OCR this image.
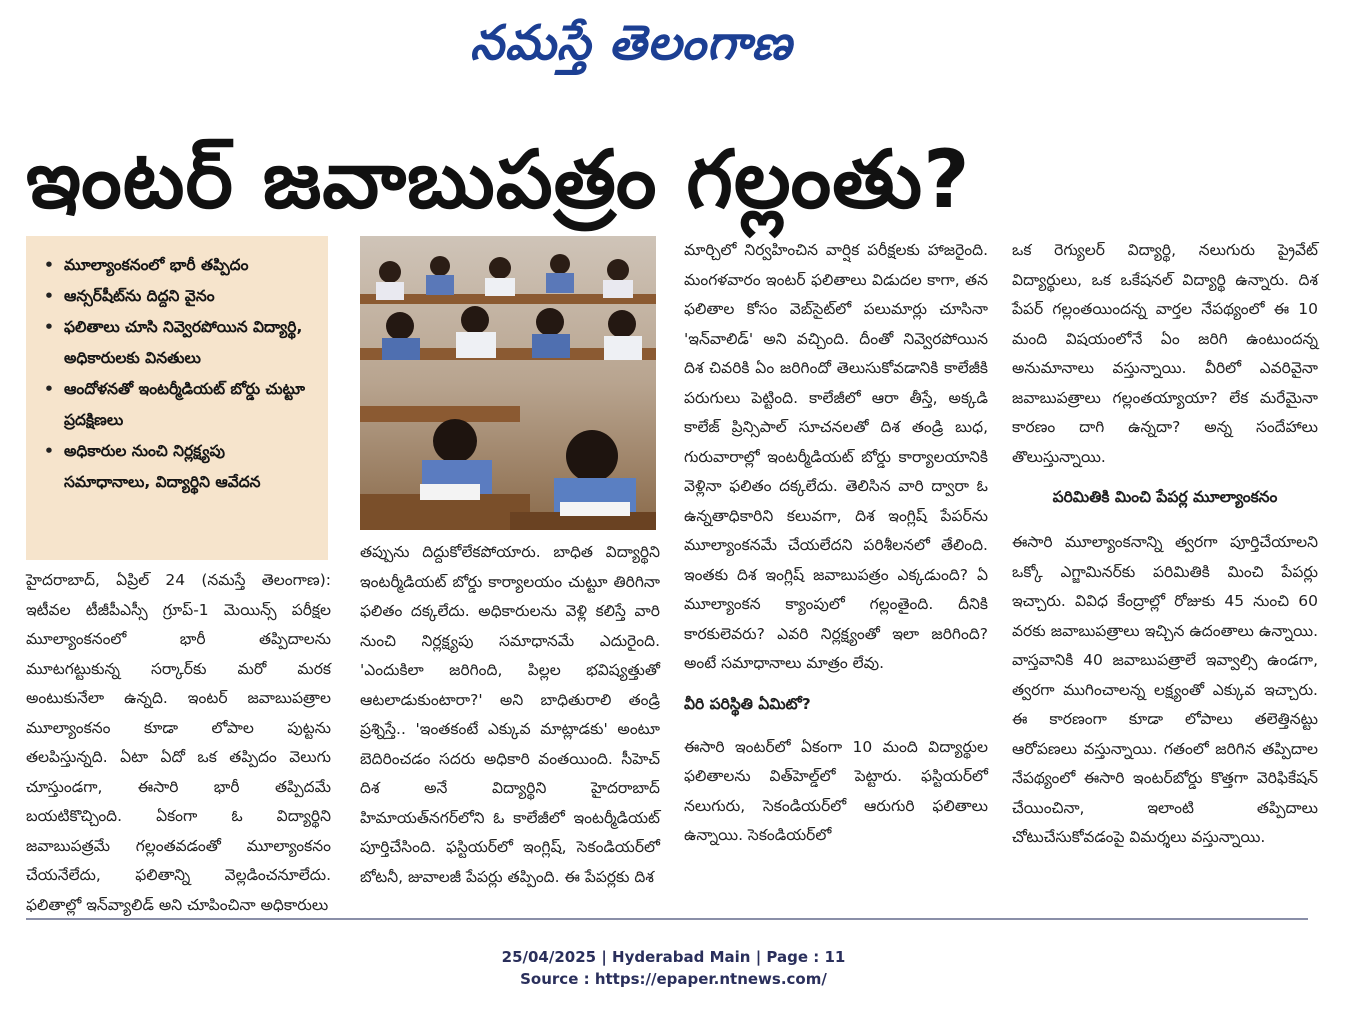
నమస్తే తెలంగాణ
ఇంటర్ జవాబుపత్రం గల్లంతు?
• మూల్యాంకనంలో భారీ తప్పిదం
• ఆన్సర్‌షీట్‌ను దిద్దని వైనం
• ఫలితాలు చూసి నివ్వెరపోయిన విద్యార్థి, అధికారులకు వినతులు
• ఆందోళనతో ఇంటర్మీడియట్ బోర్డు చుట్టూ ప్రదక్షిణలు
• అధికారుల నుంచి నిర్లక్ష్యపు సమాధానాలు, విద్యార్థిని ఆవేదన

హైదరాబాద్, ఏప్రిల్ 24 (నమస్తే తెలంగాణ): ఇటీవల టీజీపీఎస్సీ గ్రూప్-1 మెయిన్స్ పరీక్షల మూల్యాంకనంలో భారీ తప్పిదాలను మూటగట్టుకున్న సర్కార్‌కు మరో మరక అంటుకునేలా ఉన్నది. ఇంటర్ జవాబుపత్రాల మూల్యాంకనం కూడా లోపాల పుట్టను తలపిస్తున్నది. ఏటా ఏదో ఒక తప్పిదం వెలుగు చూస్తుండగా, ఈసారి భారీ తప్పిదమే బయటికొచ్చింది. ఏకంగా ఓ విద్యార్థిని జవాబుపత్రమే గల్లంతవడంతో మూల్యాంకనం చేయనేలేదు, ఫలితాన్ని వెల్లడించనూలేదు. ఫలితాల్లో ఇన్‌వ్యాలిడ్ అని చూపించినా అధికారులు

తప్పును దిద్దుకోలేకపోయారు. బాధిత విద్యార్థిని ఇంటర్మీడియట్ బోర్డు కార్యాలయం చుట్టూ తిరిగినా ఫలితం దక్కలేదు. అధికారులను వెళ్లి కలిస్తే వారి నుంచి నిర్లక్ష్యపు సమాధానమే ఎదురైంది. 'ఎందుకిలా జరిగింది, పిల్లల భవిష్యత్తుతో ఆటలాడుకుంటారా?' అని బాధితురాలి తండ్రి ప్రశ్నిస్తే.. 'ఇంతకంటే ఎక్కువ మాట్లాడకు' అంటూ బెదిరించడం సదరు అధికారి వంతయింది. సీహెచ్ దిశ అనే విద్యార్థిని హైదరాబాద్ హిమాయత్‌నగర్‌లోని ఓ కాలేజీలో ఇంటర్మీడియట్ పూర్తిచేసింది. ఫస్టియర్‌లో ఇంగ్లిష్, సెకండియర్‌లో బోటనీ, జువాలజీ పేపర్లు తప్పింది. ఈ పేపర్లకు దిశ

మార్చిలో నిర్వహించిన వార్షిక పరీక్షలకు హాజరైంది. మంగళవారం ఇంటర్ ఫలితాలు విడుదల కాగా, తన ఫలితాల కోసం వెబ్‌సైట్‌లో పలుమార్లు చూసినా 'ఇన్‌వాలిడ్' అని వచ్చింది. దీంతో నివ్వెరపోయిన దిశ చివరికి ఏం జరిగిందో తెలుసుకోవడానికి కాలేజీకి పరుగులు పెట్టింది. కాలేజీలో ఆరా తీస్తే, అక్కడి కాలేజ్ ప్రిన్సిపాల్ సూచనలతో దిశ తండ్రి బుధ, గురువారాల్లో ఇంటర్మీడియట్ బోర్డు కార్యాలయానికి వెళ్లినా ఫలితం దక్కలేదు. తెలిసిన వారి ద్వారా ఓ ఉన్నతాధికారిని కలువగా, దిశ ఇంగ్లిష్ పేపర్‌ను మూల్యాంకనమే చేయలేదని పరిశీలనలో తేలింది. ఇంతకు దిశ ఇంగ్లిష్ జవాబుపత్రం ఎక్కడుంది? ఏ మూల్యాంకన క్యాంపులో గల్లంతైంది. దీనికి కారకులెవరు? ఎవరి నిర్లక్ష్యంతో ఇలా జరిగింది? అంటే సమాధానాలు మాత్రం లేవు.

వీరి పరిస్థితి ఏమిటో?

ఈసారి ఇంటర్‌లో ఏకంగా 10 మంది విద్యార్థుల ఫలితాలను విత్‌హెల్డ్‌లో పెట్టారు. ఫస్టియర్‌లో నలుగురు, సెకండియర్‌లో ఆరుగురి ఫలితాలు ఉన్నాయి. సెకండియర్‌లో

ఒక రెగ్యులర్ విద్యార్థి, నలుగురు ప్రైవేట్ విద్యార్థులు, ఒక ఒకేషనల్ విద్యార్థి ఉన్నారు. దిశ పేపర్ గల్లంతయిందన్న వార్తల నేపథ్యంలో ఈ 10 మంది విషయంలోనే ఏం జరిగి ఉంటుందన్న అనుమానాలు వస్తున్నాయి. వీరిలో ఎవరివైనా జవాబుపత్రాలు గల్లంతయ్యాయా? లేక మరేమైనా కారణం దాగి ఉన్నదా? అన్న సందేహాలు తొలుస్తున్నాయి.

పరిమితికి మించి పేపర్ల మూల్యాంకనం

ఈసారి మూల్యాంకనాన్ని త్వరగా పూర్తిచేయాలని ఒక్కో ఎగ్జామినర్‌కు పరిమితికి మించి పేపర్లు ఇచ్చారు. వివిధ కేంద్రాల్లో రోజుకు 45 నుంచి 60 వరకు జవాబుపత్రాలు ఇచ్చిన ఉదంతాలు ఉన్నాయి. వాస్తవానికి 40 జవాబుపత్రాలే ఇవ్వాల్సి ఉండగా, త్వరగా ముగించాలన్న లక్ష్యంతో ఎక్కువ ఇచ్చారు. ఈ కారణంగా కూడా లోపాలు తలెత్తినట్టు ఆరోపణలు వస్తున్నాయి. గతంలో జరిగిన తప్పిదాల నేపథ్యంలో ఈసారి ఇంటర్‌బోర్డు కొత్తగా వెరిఫికేషన్ చేయించినా, ఇలాంటి తప్పిదాలు చోటుచేసుకోవడంపై విమర్శలు వస్తున్నాయి.

25/04/2025 | Hyderabad Main | Page : 11
Source : https://epaper.ntnews.com/
